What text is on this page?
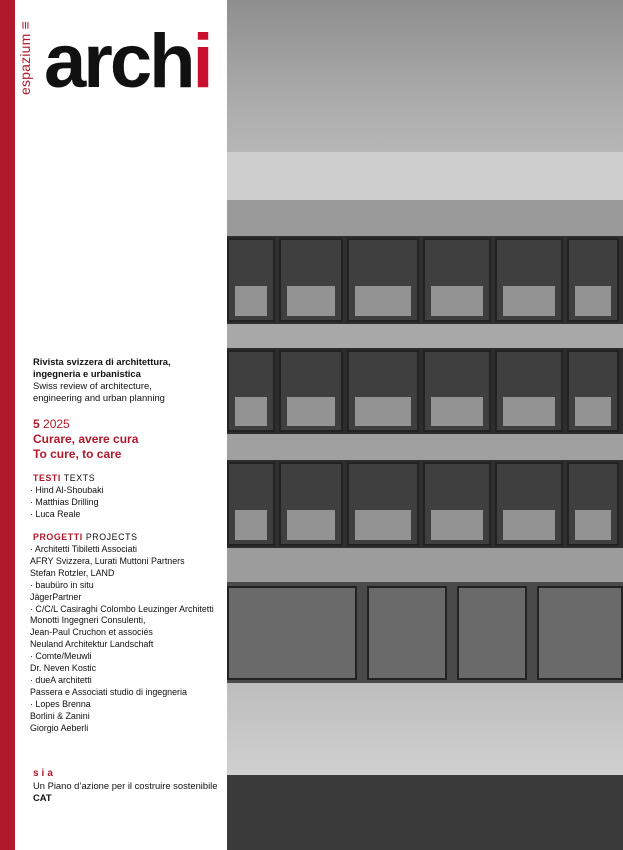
espazium ≡ archi
Rivista svizzera di architettura,
ingegneria e urbanistica
Swiss review of architecture,
engineering and urban planning
5 2025
Curare, avere cura
To cure, to care
TESTI TEXTS
· Hind Al-Shoubaki
· Matthias Drilling
· Luca Reale
PROGETTI PROJECTS
· Architetti Tibiletti Associati
AFRY Svizzera, Lurati Muttoni Partners
Stefan Rotzler, LAND
· baubüro in situ
JägerPartner
· C/C/L Casiraghi Colombo Leuzinger Architetti
Monotti Ingegneri Consulenti,
Jean-Paul Cruchon et associés
Neuland Architektur Landschaft
· Comte/Meuwli
Dr. Neven Kostic
· dueA architetti
Passera e Associati studio di ingegneria
· Lopes Brenna
Borlini & Zanini
Giorgio Aeberli
sia
Un Piano d’azione per il costruire sostenibile
CAT
